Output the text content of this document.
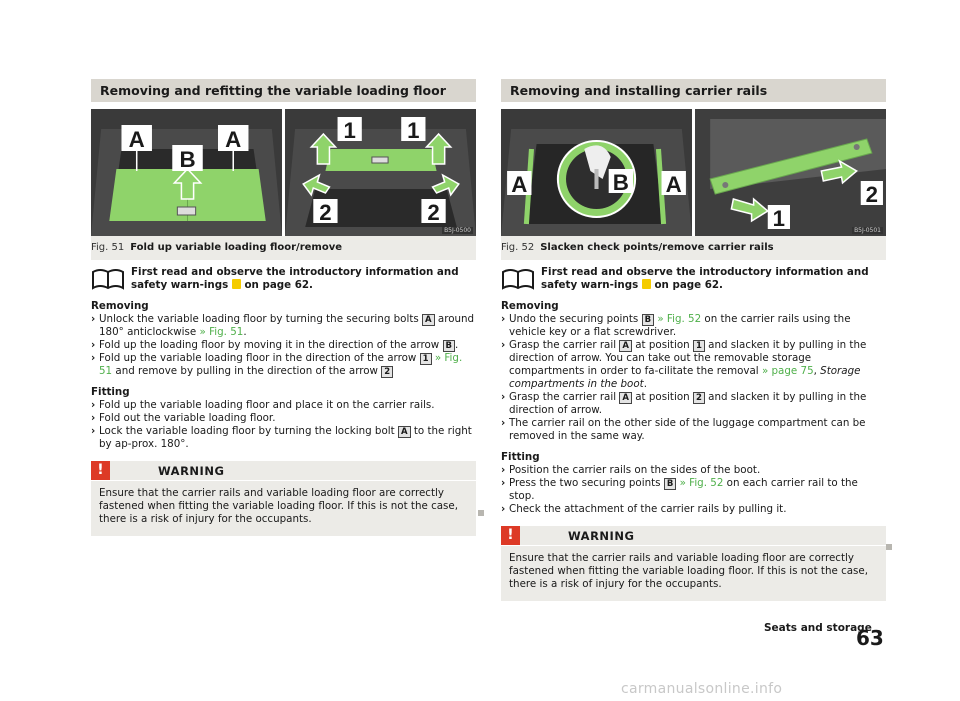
Removing and refitting the variable loading floor
A
B
A	1 1
2	2
B5J-0500
Fig. 51 Fold up variable loading floor/remove
First read and observe the introductory information and safety warn-ings on page 62.
Removing
› Unlock the variable loading floor by turning the securing bolts A around 180° anticlockwise » Fig. 51.
› Fold up the loading floor by moving it in the direction of the arrow B .
› Fold up the variable loading floor in the direction of the arrow 1 » Fig. 51 and remove by pulling in the direction of the arrow 2
Fitting
› Fold up the variable loading floor and place it on the carrier rails.
› Fold out the variable loading floor.
› Lock the variable loading floor by turning the locking bolt A to the right by ap-prox. 180°.
!	WARNING
Ensure that the carrier rails and variable loading floor are correctly fastened when fitting the variable loading floor. If this is not the case, there is a risk of injury for the occupants.
Removing and installing carrier rails
A	B A	2
1	B5J-0501
Fig. 52 Slacken check points/remove carrier rails
First read and observe the introductory information and safety warn-ings on page 62.
Removing
› Undo the securing points B » Fig. 52 on the carrier rails using the vehicle key or a flat screwdriver.
› Grasp the carrier rail A at position 1 and slacken it by pulling in the direction of arrow. You can take out the removable storage compartments in order to fa-cilitate the removal » page 75, Storage compartments in the boot.
› Grasp the carrier rail A at position 2 and slacken it by pulling in the direction of arrow.
› The carrier rail on the other side of the luggage compartment can be removed in the same way.
Fitting
› Position the carrier rails on the sides of the boot.
› Press the two securing points B » Fig. 52 on each carrier rail to the stop.
› Check the attachment of the carrier rails by pulling it.
!	WARNING
Ensure that the carrier rails and variable loading floor are correctly fastened when fitting the variable loading floor. If this is not the case, there is a risk of injury for the occupants.
Seats and storage
63
carmanualsonline.info
